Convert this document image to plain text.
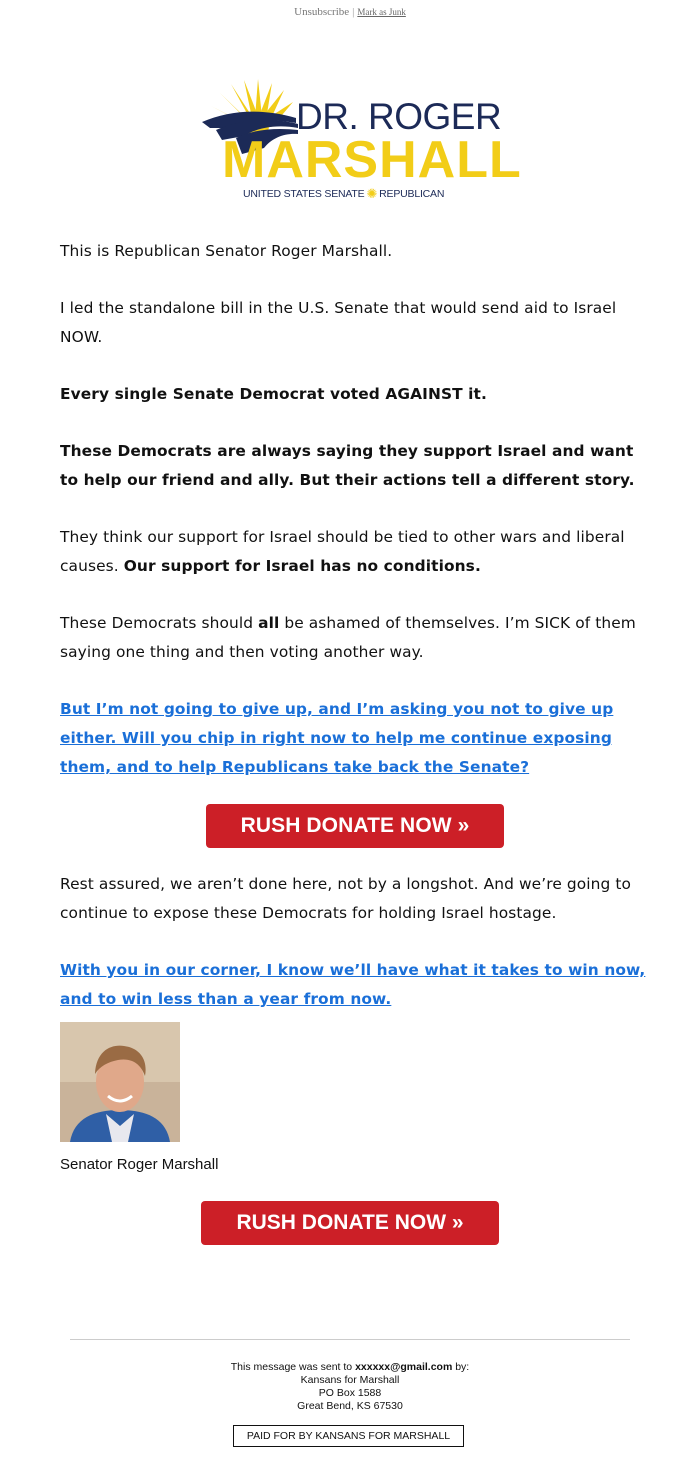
Unsubscribe | Mark as Junk
DR. ROGER
MARSHALL
UNITED STATES SENATE ✺ REPUBLICAN

This is Republican Senator Roger Marshall.

I led the standalone bill in the U.S. Senate that would send aid to Israel NOW.

Every single Senate Democrat voted AGAINST it.

These Democrats are always saying they support Israel and want to help our friend and ally. But their actions tell a different story.

They think our support for Israel should be tied to other wars and liberal causes. Our support for Israel has no conditions.

These Democrats should all be ashamed of themselves. I’m SICK of them saying one thing and then voting another way.

But I’m not going to give up, and I’m asking you not to give up either. Will you chip in right now to help me continue exposing them, and to help Republicans take back the Senate?

RUSH DONATE NOW »

Rest assured, we aren’t done here, not by a longshot. And we’re going to continue to expose these Democrats for holding Israel hostage.

With you in our corner, I know we’ll have what it takes to win now, and to win less than a year from now.

Senator Roger Marshall
RUSH DONATE NOW »
This message was sent to xxxxxx@gmail.com by:
Kansans for Marshall
PO Box 1588
Great Bend, KS 67530
PAID FOR BY KANSANS FOR MARSHALL
